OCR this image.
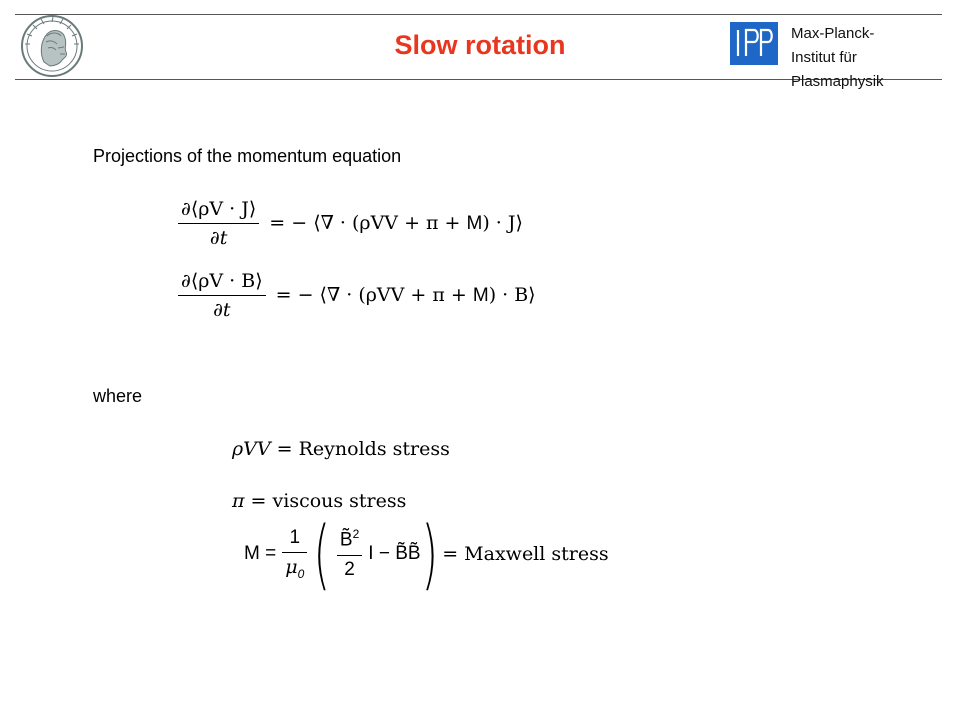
Slow rotation	Max-Planck-
Institut für
Plasmaphysik
Projections of the momentum equation
$\frac{\partial⟨\rho V \cdot J⟩}{\partial t}$ = − ⟨∇ · (ρVV + π + M) · J⟩
$\frac{\partial⟨\rho V \cdot B⟩}{\partial t}$ = − ⟨∇ · (ρVV + π + M) · B⟩
where
ρVV = Reynolds stress
π = viscous stress
$M = \frac{1}{\mu_0}$ ( $\frac{B̃^2}{2}$ I − B̃B̃ ) = Maxwell stress
